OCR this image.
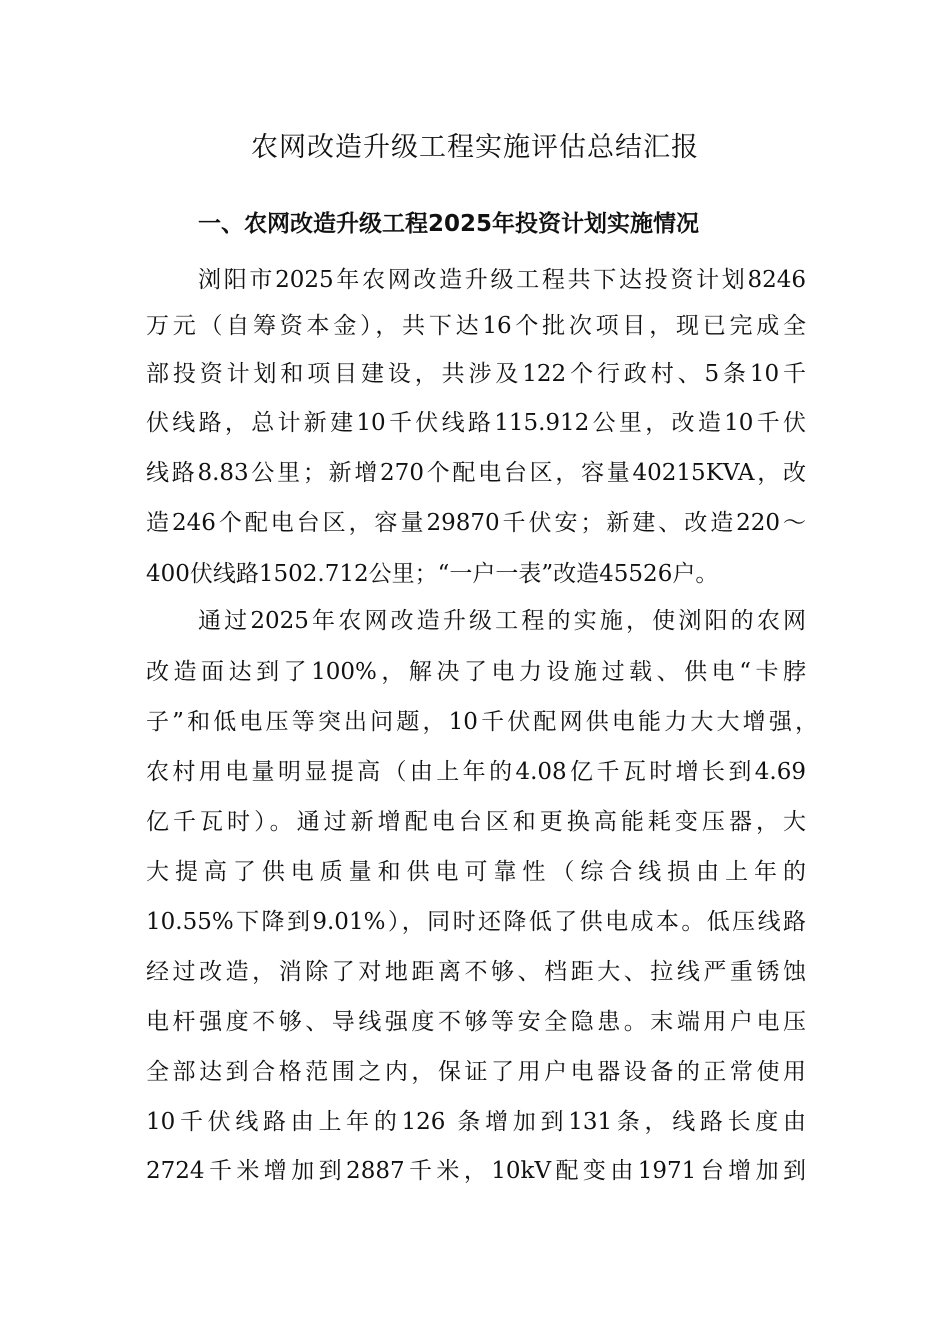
农网改造升级工程实施评估总结汇报
一、农网改造升级工程2025年投资计划实施情况
浏阳市2025年农网改造升级工程共下达投资计划8246
万元（自筹资本金），共下达16个批次项目，现已完成全
部投资计划和项目建设，共涉及122个行政村、5条10千
伏线路，总计新建10千伏线路115.912公里，改造10千伏
线路8.83公里；新增270个配电台区，容量40215KVA，改
造246个配电台区，容量29870千伏安；新建、改造220～
400伏线路1502.712公里；“一户一表”改造45526户。
通过2025年农网改造升级工程的实施，使浏阳的农网
改造面达到了100%，解决了电力设施过载、供电“卡脖
子”和低电压等突出问题，10千伏配网供电能力大大增强，
农村用电量明显提高（由上年的4.08亿千瓦时增长到4.69
亿千瓦时）。通过新增配电台区和更换高能耗变压器，大
大提高了供电质量和供电可靠性（综合线损由上年的
10.55%下降到9.01%），同时还降低了供电成本。低压线路
经过改造，消除了对地距离不够、档距大、拉线严重锈蚀
电杆强度不够、导线强度不够等安全隐患。末端用户电压
全部达到合格范围之内，保证了用户电器设备的正常使用
10千伏线路由上年的126 条增加到131条，线路长度由
2724千米增加到2887千米，10kV配变由1971台增加到
